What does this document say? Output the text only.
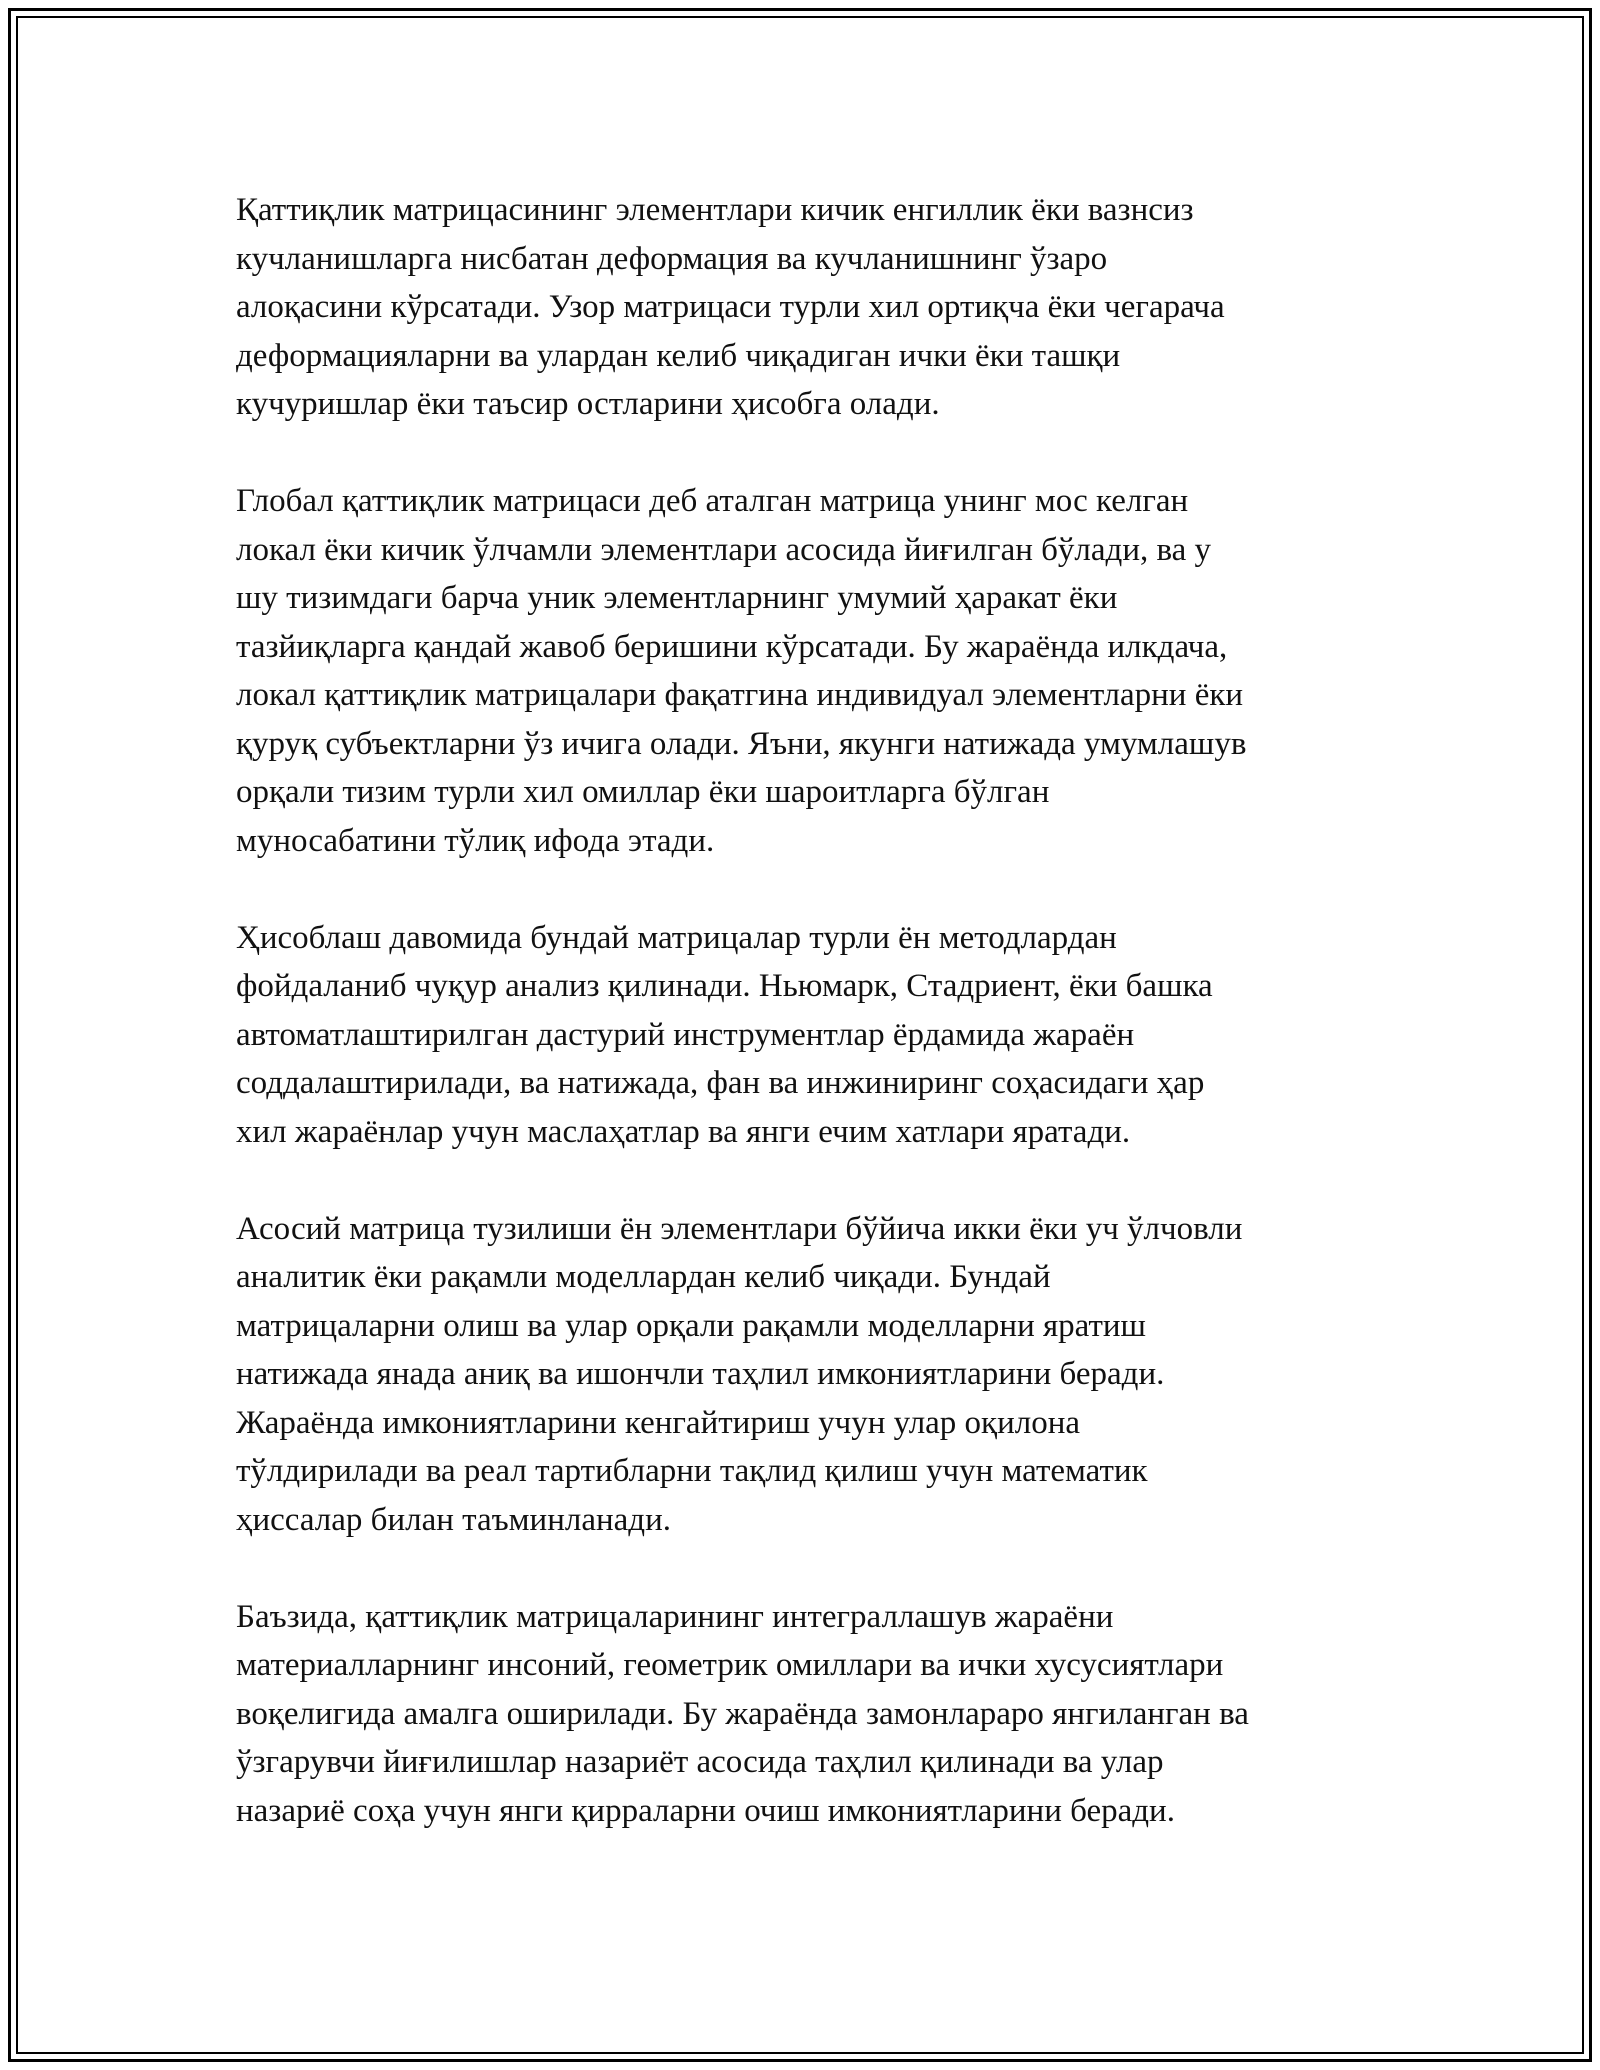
Қаттиқлик матрицасининг элементлари кичик енгиллик ёки вазнсиз
кучланишларга нисбатан деформация ва кучланишнинг ўзаро
алоқасини кўрсатади. Узор матрицаси турли хил ортиқча ёки чегарача
деформацияларни ва улардан келиб чиқадиган ички ёки ташқи
кучуришлар ёки таъсир остларини ҳисобга олади.

Глобал қаттиқлик матрицаси деб аталган матрица унинг мос келган
локал ёки кичик ўлчамли элементлари асосида йиғилган бўлади, ва у
шу тизимдаги барча уник элементларнинг умумий ҳаракат ёки
тазйиқларга қандай жавоб беришини кўрсатади. Бу жараёнда илкдача,
локал қаттиқлик матрицалари фақатгина индивидуал элементларни ёки
қуруқ субъектларни ўз ичига олади. Яъни, якунги натижада умумлашув
орқали тизим турли хил омиллар ёки шароитларга бўлган
муносабатини тўлиқ ифода этади.

Ҳисоблаш давомида бундай матрицалар турли ён методлардан
фойдаланиб чуқур анализ қилинади. Ньюмарк, Стадриент, ёки башка
автоматлаштирилган дастурий инструментлар ёрдамида жараён
соддалаштирилади, ва натижада, фан ва инжиниринг соҳасидаги ҳар
хил жараёнлар учун маслаҳатлар ва янги ечим хатлари яратади.

Асосий матрица тузилиши ён элементлари бўйича икки ёки уч ўлчовли
аналитик ёки рақамли моделлардан келиб чиқади. Бундай
матрицаларни олиш ва улар орқали рақамли моделларни яратиш
натижада янада аниқ ва ишончли таҳлил имкониятларини беради.
Жараёнда имкониятларини кенгайтириш учун улар оқилона
тўлдирилади ва реал тартибларни тақлид қилиш учун математик
ҳиссалар билан таъминланади.

Баъзида, қаттиқлик матрицаларининг интеграллашув жараёни
материалларнинг инсоний, геометрик омиллари ва ички хусусиятлари
воқелигида амалга оширилади. Бу жараёнда замонлараро янгиланган ва
ўзгарувчи йиғилишлар назариёт асосида таҳлил қилинади ва улар
назариё соҳа учун янги қирраларни очиш имкониятларини беради.
